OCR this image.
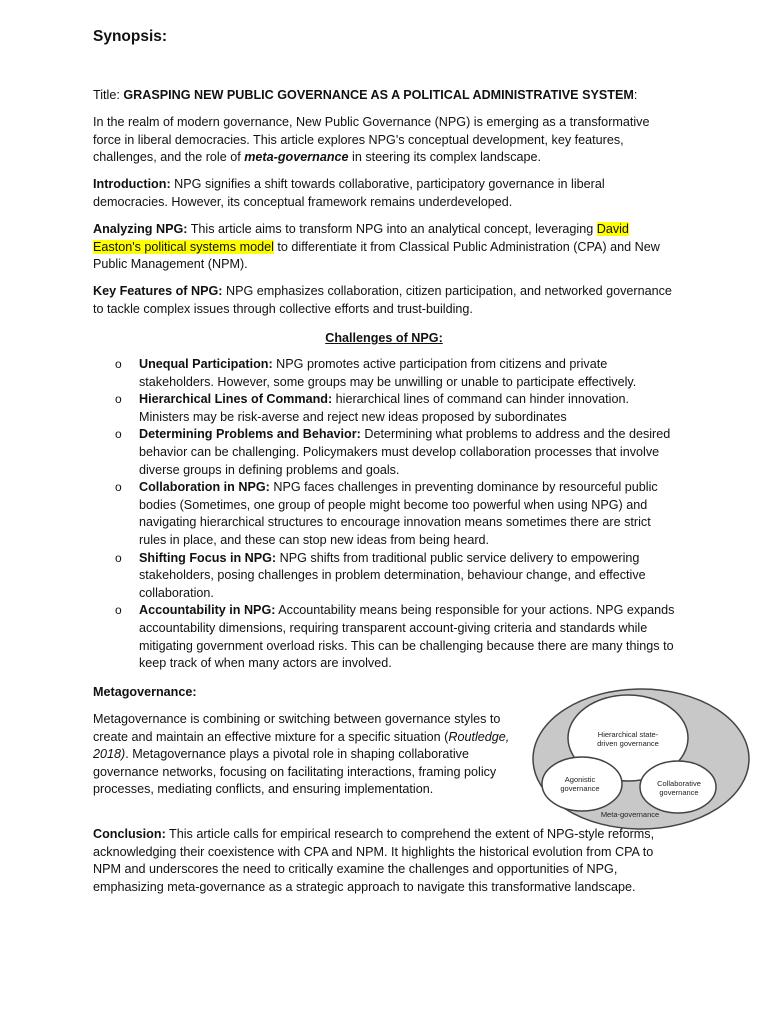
Synopsis:

Title: GRASPING NEW PUBLIC GOVERNANCE AS A POLITICAL ADMINISTRATIVE SYSTEM:

In the realm of modern governance, New Public Governance (NPG) is emerging as a transformative force in liberal democracies. This article explores NPG's conceptual development, key features, challenges, and the role of meta-governance in steering its complex landscape.

Introduction: NPG signifies a shift towards collaborative, participatory governance in liberal democracies. However, its conceptual framework remains underdeveloped.

Analyzing NPG: This article aims to transform NPG into an analytical concept, leveraging David Easton's political systems model to differentiate it from Classical Public Administration (CPA) and New Public Management (NPM).

Key Features of NPG: NPG emphasizes collaboration, citizen participation, and networked governance to tackle complex issues through collective efforts and trust-building.

Challenges of NPG:
o Unequal Participation: NPG promotes active participation from citizens and private stakeholders. However, some groups may be unwilling or unable to participate effectively.
o Hierarchical Lines of Command: hierarchical lines of command can hinder innovation. Ministers may be risk-averse and reject new ideas proposed by subordinates
o Determining Problems and Behavior: Determining what problems to address and the desired behavior can be challenging. Policymakers must develop collaboration processes that involve diverse groups in defining problems and goals.
o Collaboration in NPG: NPG faces challenges in preventing dominance by resourceful public bodies (Sometimes, one group of people might become too powerful when using NPG) and navigating hierarchical structures to encourage innovation means sometimes there are strict rules in place, and these can stop new ideas from being heard.
o Shifting Focus in NPG: NPG shifts from traditional public service delivery to empowering stakeholders, posing challenges in problem determination, behaviour change, and effective collaboration.
o Accountability in NPG: Accountability means being responsible for your actions. NPG expands accountability dimensions, requiring transparent account-giving criteria and standards while mitigating government overload risks. This can be challenging because there are many things to keep track of when many actors are involved.

Metagovernance:

Metagovernance is combining or switching between governance styles to create and maintain an effective mixture for a specific situation (Routledge, 2018). Metagovernance plays a pivotal role in shaping collaborative governance networks, focusing on facilitating interactions, framing policy processes, mediating conflicts, and ensuring implementation.

Conclusion: This article calls for empirical research to comprehend the extent of NPG-style reforms, acknowledging their coexistence with CPA and NPM. It highlights the historical evolution from CPA to NPM and underscores the need to critically examine the challenges and opportunities of NPG, emphasizing meta-governance as a strategic approach to navigate this transformative landscape.

Hierarchical state-
driven governance
Agonistic
governance
Collaborative
governance
Meta-governance
